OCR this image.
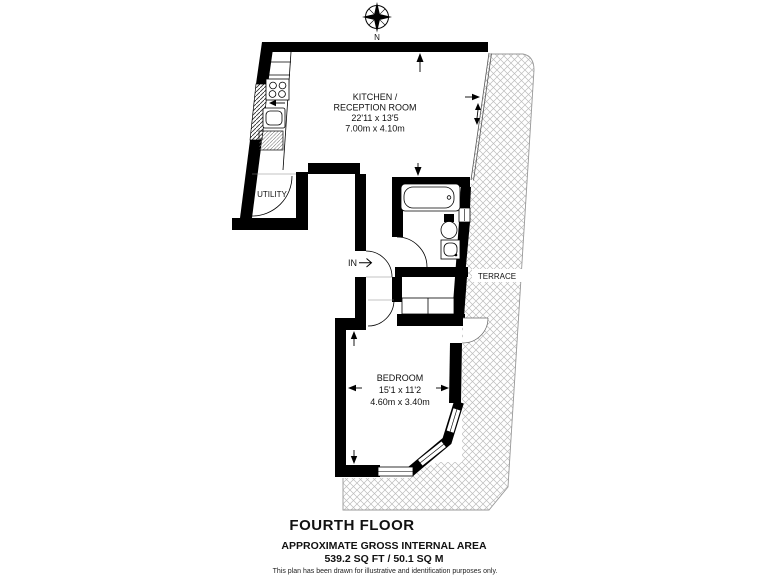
N
KITCHEN /
RECEPTION ROOM
22'11 x 13'5
7.00m x 4.10m
UTILITY
IN
TERRACE
BEDROOM
15'1 x 11'2
4.60m x 3.40m
FOURTH FLOOR
APPROXIMATE GROSS INTERNAL AREA
539.2 SQ FT / 50.1 SQ M
This plan has been drawn for illustrative and identification purposes only.
